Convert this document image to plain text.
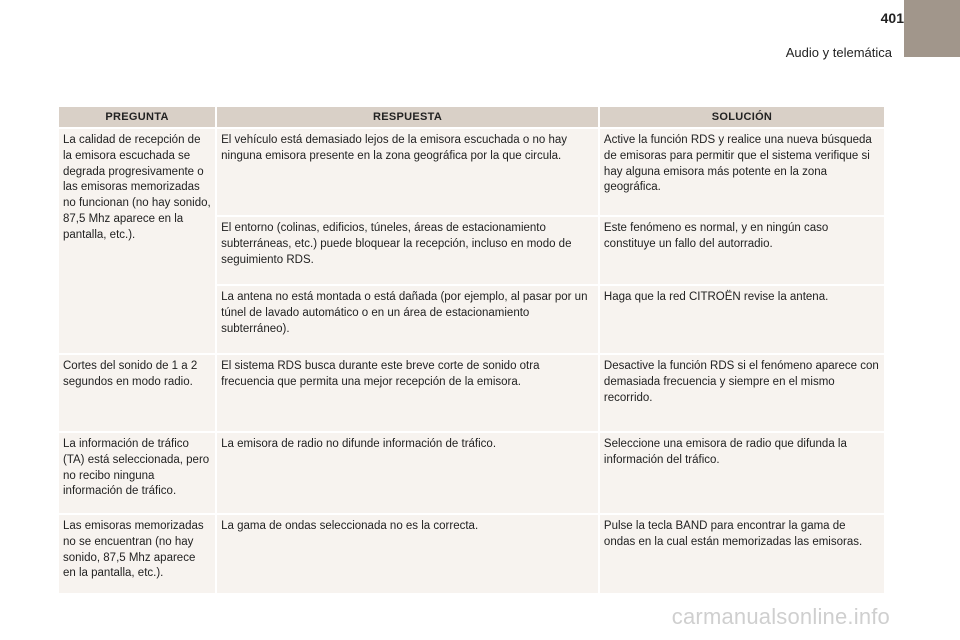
401
Audio y telemática
PREGUNTA	RESPUESTA	SOLUCIÓN
La calidad de recepción de la emisora escuchada se degrada progresivamente o las emisoras memorizadas no funcionan (no hay sonido, 87,5 Mhz aparece en la pantalla, etc.).	El vehículo está demasiado lejos de la emisora escuchada o no hay ninguna emisora presente en la zona geográfica por la que circula.	Active la función RDS y realice una nueva búsqueda de emisoras para permitir que el sistema verifique si hay alguna emisora más potente en la zona geográfica.
	El entorno (colinas, edificios, túneles, áreas de estacionamiento subterráneas, etc.) puede bloquear la recepción, incluso en modo de seguimiento RDS.	Este fenómeno es normal, y en ningún caso constituye un fallo del autorradio.
	La antena no está montada o está dañada (por ejemplo, al pasar por un túnel de lavado automático o en un área de estacionamiento subterráneo).	Haga que la red CITROËN revise la antena.
Cortes del sonido de 1 a 2 segundos en modo radio.	El sistema RDS busca durante este breve corte de sonido otra frecuencia que permita una mejor recepción de la emisora.	Desactive la función RDS si el fenómeno aparece con demasiada frecuencia y siempre en el mismo recorrido.
La información de tráfico (TA) está seleccionada, pero no recibo ninguna información de tráfico.	La emisora de radio no difunde información de tráfico.	Seleccione una emisora de radio que difunda la información del tráfico.
Las emisoras memorizadas no se encuentran (no hay sonido, 87,5 Mhz aparece en la pantalla, etc.).	La gama de ondas seleccionada no es la correcta.	Pulse la tecla BAND para encontrar la gama de ondas en la cual están memorizadas las emisoras.
carmanualsonline.info
